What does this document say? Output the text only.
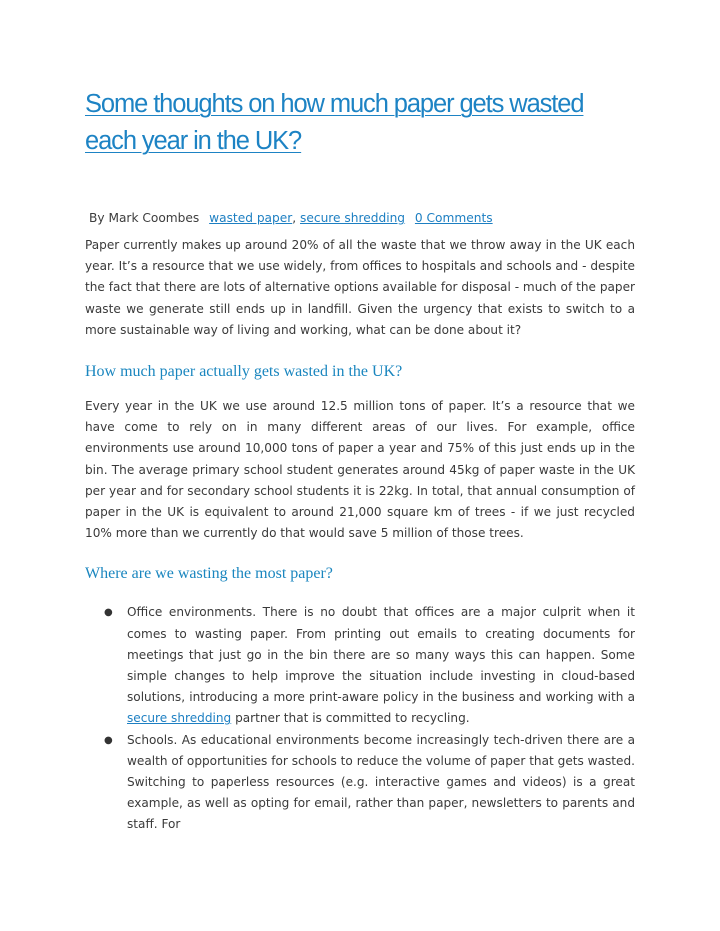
Some thoughts on how much paper gets wasted each year in the UK?
By Mark Coombes wasted paper, secure shredding 0 Comments

Paper currently makes up around 20% of all the waste that we throw away in the UK each year. It’s a resource that we use widely, from offices to hospitals and schools and - despite the fact that there are lots of alternative options available for disposal - much of the paper waste we generate still ends up in landfill. Given the urgency that exists to switch to a more sustainable way of living and working, what can be done about it?

How much paper actually gets wasted in the UK?

Every year in the UK we use around 12.5 million tons of paper. It’s a resource that we have come to rely on in many different areas of our lives. For example, office environments use around 10,000 tons of paper a year and 75% of this just ends up in the bin. The average primary school student generates around 45kg of paper waste in the UK per year and for secondary school students it is 22kg. In total, that annual consumption of paper in the UK is equivalent to around 21,000 square km of trees - if we just recycled 10% more than we currently do that would save 5 million of those trees.

Where are we wasting the most paper?
● Office environments. There is no doubt that offices are a major culprit when it comes to wasting paper. From printing out emails to creating documents for meetings that just go in the bin there are so many ways this can happen. Some simple changes to help improve the situation include investing in cloud-based solutions, introducing a more print-aware policy in the business and working with a secure shredding partner that is committed to recycling.

● Schools. As educational environments become increasingly tech-driven there are a wealth of opportunities for schools to reduce the volume of paper that gets wasted. Switching to paperless resources (e.g. interactive games and videos) is a great example, as well as opting for email, rather than paper, newsletters to parents and staff. For
